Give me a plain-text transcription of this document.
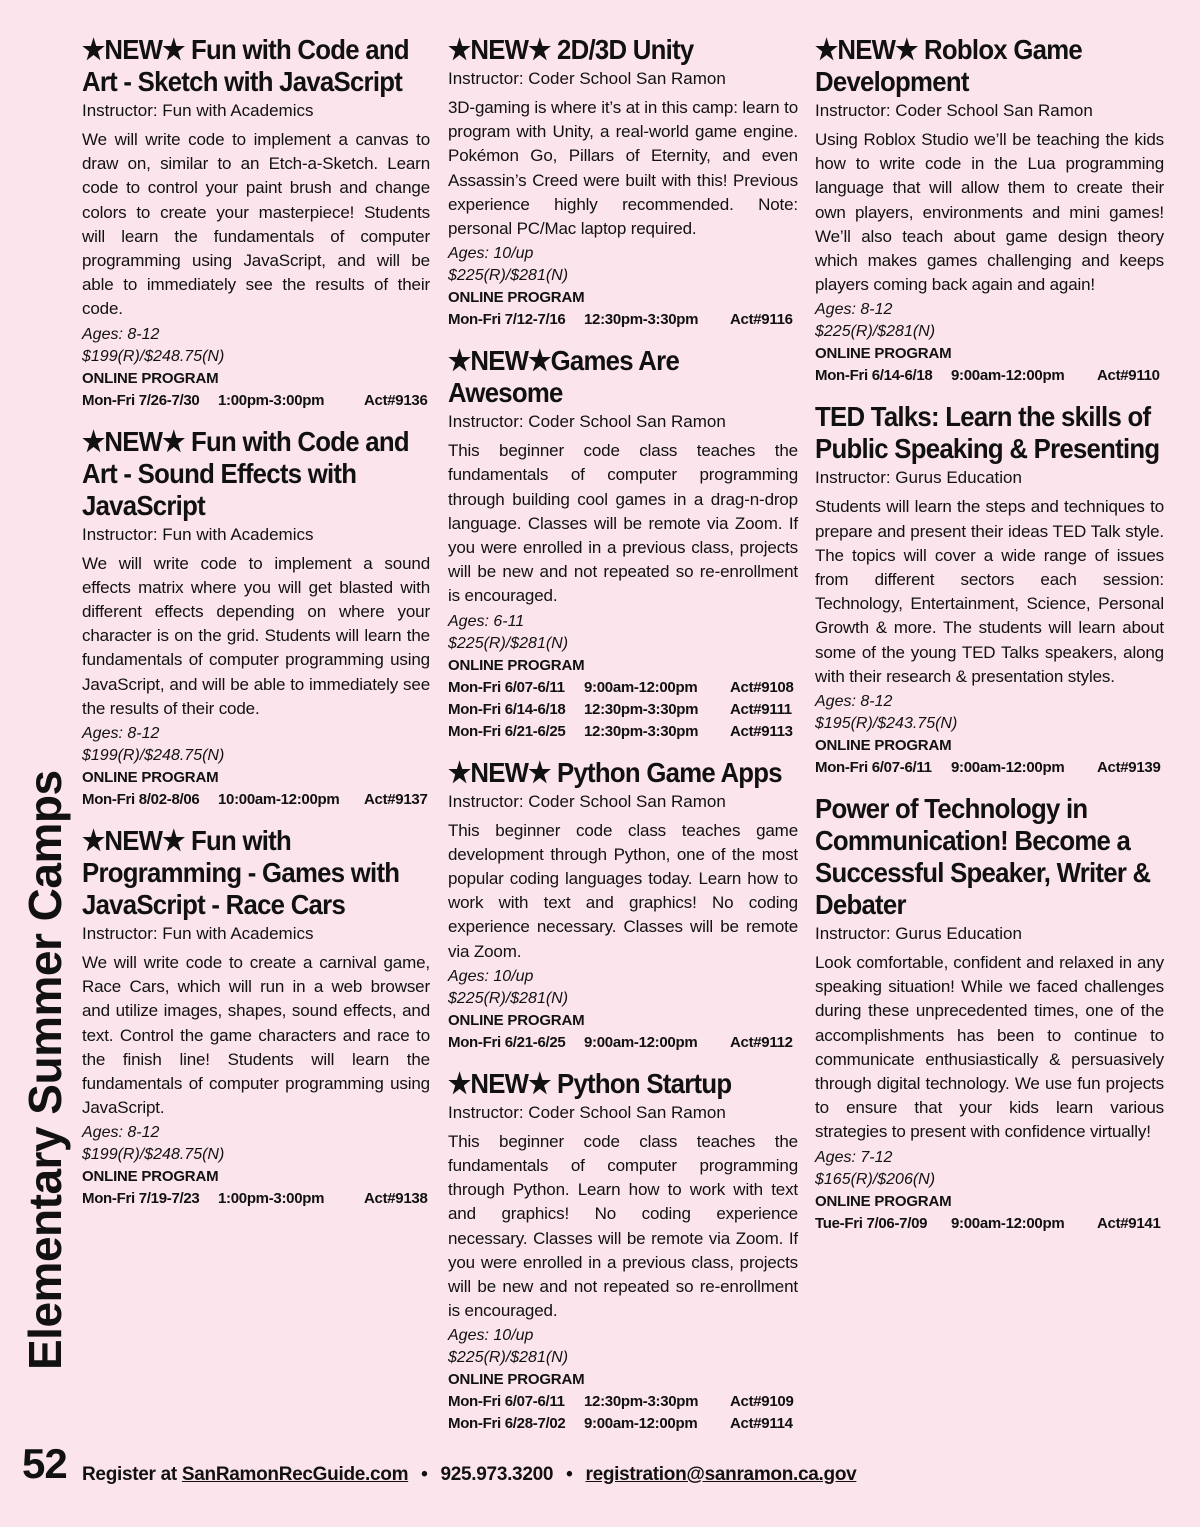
Elementary Summer Camps
★NEW★ Fun with Code and Art - Sketch with JavaScript
Instructor: Fun with Academics
We will write code to implement a canvas to draw on, similar to an Etch-a-Sketch. Learn code to control your paint brush and change colors to create your masterpiece! Students will learn the fundamentals of computer programming using JavaScript, and will be able to immediately see the results of their code.
Ages: 8-12
$199(R)/$248.75(N)
ONLINE PROGRAM
Mon-Fri 7/26-7/30	1:00pm-3:00pm	Act#9136
★NEW★ Fun with Code and Art - Sound Effects with JavaScript
Instructor: Fun with Academics
We will write code to implement a sound effects matrix where you will get blasted with different effects depending on where your character is on the grid. Students will learn the fundamentals of computer programming using JavaScript, and will be able to immediately see the results of their code.
Ages: 8-12
$199(R)/$248.75(N)
ONLINE PROGRAM
Mon-Fri 8/02-8/06	10:00am-12:00pm	Act#9137
★NEW★ Fun with Programming - Games with JavaScript - Race Cars
Instructor: Fun with Academics
We will write code to create a carnival game, Race Cars, which will run in a web browser and utilize images, shapes, sound effects, and text. Control the game characters and race to the finish line! Students will learn the fundamentals of computer programming using JavaScript.
Ages: 8-12
$199(R)/$248.75(N)
ONLINE PROGRAM
Mon-Fri 7/19-7/23	1:00pm-3:00pm	Act#9138
★NEW★ 2D/3D Unity
Instructor: Coder School San Ramon
3D-gaming is where it’s at in this camp: learn to program with Unity, a real-world game engine. Pokémon Go, Pillars of Eternity, and even Assassin’s Creed were built with this! Previous experience highly recommended. Note: personal PC/Mac laptop required.
Ages: 10/up
$225(R)/$281(N)
ONLINE PROGRAM
Mon-Fri 7/12-7/16	12:30pm-3:30pm	Act#9116
★NEW★Games Are Awesome
Instructor: Coder School San Ramon
This beginner code class teaches the fundamentals of computer programming through building cool games in a drag-n-drop language. Classes will be remote via Zoom. If you were enrolled in a previous class, projects will be new and not repeated so re-enrollment is encouraged.
Ages: 6-11
$225(R)/$281(N)
ONLINE PROGRAM
Mon-Fri 6/07-6/11	9:00am-12:00pm	Act#9108
Mon-Fri 6/14-6/18	12:30pm-3:30pm	Act#9111
Mon-Fri 6/21-6/25	12:30pm-3:30pm	Act#9113
★NEW★ Python Game Apps
Instructor: Coder School San Ramon
This beginner code class teaches game development through Python, one of the most popular coding languages today. Learn how to work with text and graphics! No coding experience necessary. Classes will be remote via Zoom.
Ages: 10/up
$225(R)/$281(N)
ONLINE PROGRAM
Mon-Fri 6/21-6/25	9:00am-12:00pm	Act#9112
★NEW★ Python Startup
Instructor: Coder School San Ramon
This beginner code class teaches the fundamentals of computer programming through Python. Learn how to work with text and graphics! No coding experience necessary. Classes will be remote via Zoom. If you were enrolled in a previous class, projects will be new and not repeated so re-enrollment is encouraged.
Ages: 10/up
$225(R)/$281(N)
ONLINE PROGRAM
Mon-Fri 6/07-6/11	12:30pm-3:30pm	Act#9109
Mon-Fri 6/28-7/02	9:00am-12:00pm	Act#9114
★NEW★ Roblox Game Development
Instructor: Coder School San Ramon
Using Roblox Studio we’ll be teaching the kids how to write code in the Lua programming language that will allow them to create their own players, environments and mini games! We’ll also teach about game design theory which makes games challenging and keeps players coming back again and again!
Ages: 8-12
$225(R)/$281(N)
ONLINE PROGRAM
Mon-Fri 6/14-6/18	9:00am-12:00pm	Act#9110
TED Talks: Learn the skills of Public Speaking & Presenting
Instructor: Gurus Education
Students will learn the steps and techniques to prepare and present their ideas TED Talk style. The topics will cover a wide range of issues from different sectors each session: Technology, Entertainment, Science, Personal Growth & more. The students will learn about some of the young TED Talks speakers, along with their research & presentation styles.
Ages: 8-12
$195(R)/$243.75(N)
ONLINE PROGRAM
Mon-Fri 6/07-6/11	9:00am-12:00pm	Act#9139
Power of Technology in Communication! Become a Successful Speaker, Writer & Debater
Instructor: Gurus Education
Look comfortable, confident and relaxed in any speaking situation! While we faced challenges during these unprecedented times, one of the accomplishments has been to continue to communicate enthusiastically & persuasively through digital technology. We use fun projects to ensure that your kids learn various strategies to present with confidence virtually!
Ages: 7-12
$165(R)/$206(N)
ONLINE PROGRAM
Tue-Fri 7/06-7/09	9:00am-12:00pm	Act#9141
52 Register at SanRamonRecGuide.com • 925.973.3200 • registration@sanramon.ca.gov
